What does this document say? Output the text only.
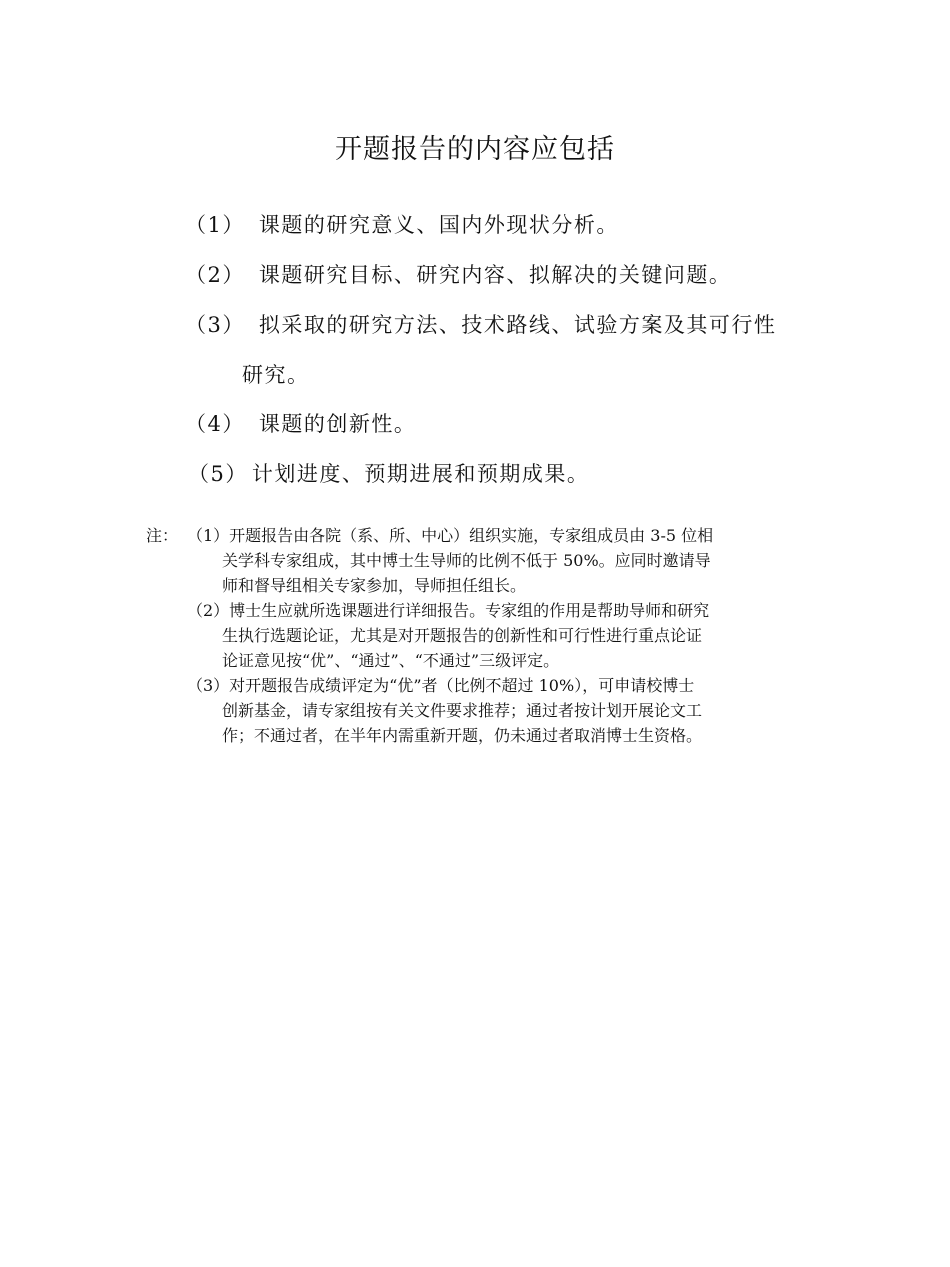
开题报告的内容应包括
（1） 课题的研究意义、国内外现状分析。
（2） 课题研究目标、研究内容、拟解决的关键问题。
（3） 拟采取的研究方法、技术路线、试验方案及其可行性
研究。
（4） 课题的创新性。
（5） 计划进度、预期进展和预期成果。
注： （1）开题报告由各院（系、所、中心）组织实施，专家组成员由 3-5 位相
关学科专家组成，其中博士生导师的比例不低于 50%。应同时邀请导
师和督导组相关专家参加，导师担任组长。
（2）博士生应就所选课题进行详细报告。专家组的作用是帮助导师和研究
生执行选题论证，尤其是对开题报告的创新性和可行性进行重点论证
论证意见按“优”、“通过”、“不通过”三级评定。
（3）对开题报告成绩评定为“优”者（比例不超过 10%），可申请校博士
创新基金，请专家组按有关文件要求推荐；通过者按计划开展论文工
作；不通过者，在半年内需重新开题，仍未通过者取消博士生资格。
